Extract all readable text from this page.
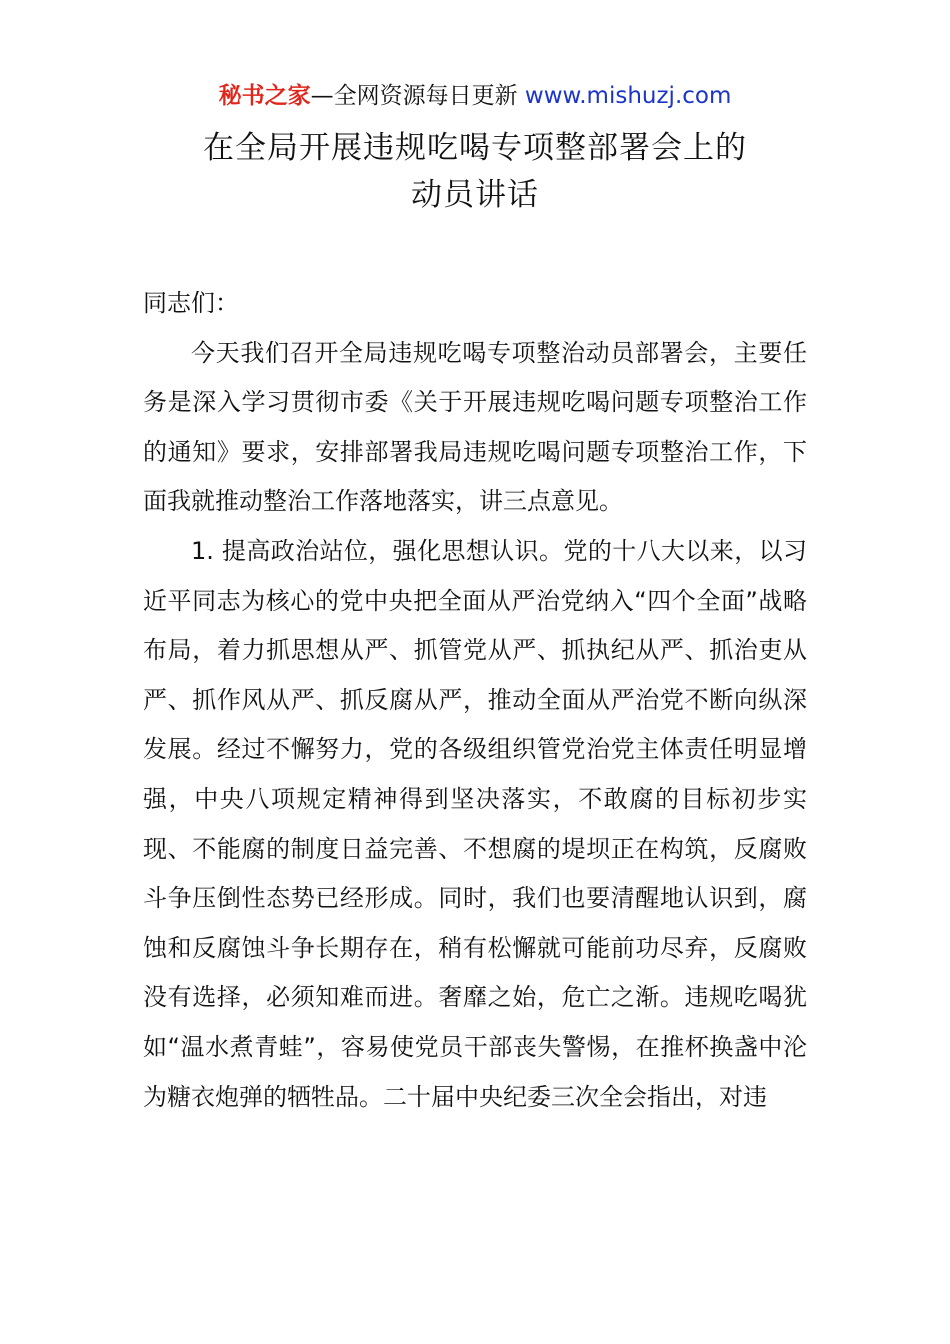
秘书之家—全网资源每日更新 www.mishuzj.com
在全局开展违规吃喝专项整部署会上的
动员讲话

同志们：

今天我们召开全局违规吃喝专项整治动员部署会，主要任务是深入学习贯彻市委《关于开展违规吃喝问题专项整治工作的通知》要求，安排部署我局违规吃喝问题专项整治工作，下面我就推动整治工作落地落实，讲三点意见。

1. 提高政治站位，强化思想认识。党的十八大以来，以习近平同志为核心的党中央把全面从严治党纳入“四个全面”战略布局，着力抓思想从严、抓管党从严、抓执纪从严、抓治吏从严、抓作风从严、抓反腐从严，推动全面从严治党不断向纵深发展。经过不懈努力，党的各级组织管党治党主体责任明显增强，中央八项规定精神得到坚决落实，不敢腐的目标初步实现、不能腐的制度日益完善、不想腐的堤坝正在构筑，反腐败斗争压倒性态势已经形成。同时，我们也要清醒地认识到，腐蚀和反腐蚀斗争长期存在，稍有松懈就可能前功尽弃，反腐败没有选择，必须知难而进。奢靡之始，危亡之渐。违规吃喝犹如“温水煮青蛙”，容易使党员干部丧失警惕，在推杯换盏中沦为糖衣炮弹的牺牲品。二十届中央纪委三次全会指出，对违
